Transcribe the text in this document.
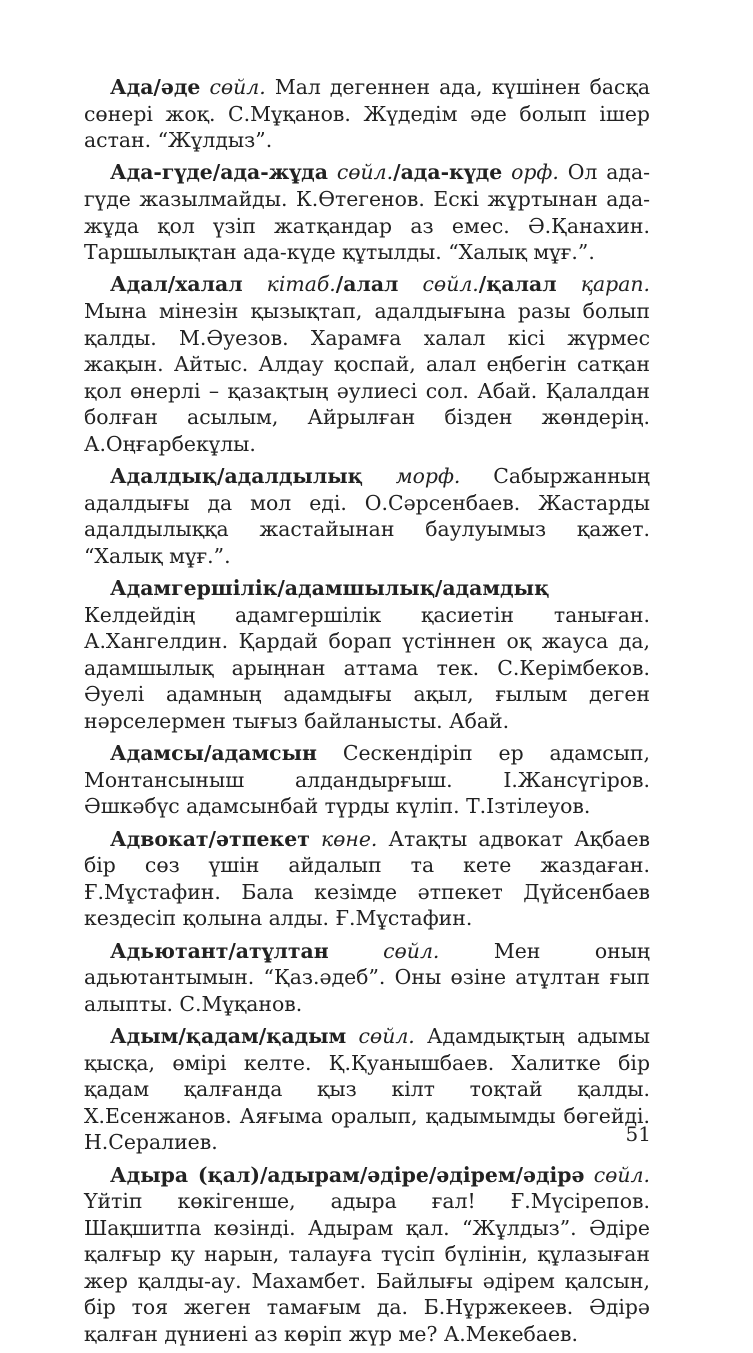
Ада/әде сөйл. Мал дегеннен ада, күшінен басқа сөнері жоқ. С.Мұқанов. Жүдедім әде болып ішер астан. “Жұлдыз”.

Ада-гүде/ада-жұда сөйл./ада-күде орф. Ол ада-гүде жазылмайды. К.Өтегенов. Ескі жұртынан ада-жұда қол үзіп жатқандар аз емес. Ә.Қанахин. Таршылықтан ада-күде құтылды. “Халық мұғ.”.

Адал/халал кітаб./алал сөйл./қалал қарап. Мына мінезін қызықтап, адалдығына разы болып қалды. М.Әуезов. Харамға халал кісі жүрмес жақын. Айтыс. Алдау қоспай, алал еңбегін сатқан қол өнерлі – қазақтың әулиесі сол. Абай. Қалалдан болған асылым, Айрылған бізден жөндерің. А.Оңғарбекұлы.

Адалдық/адалдылық морф. Сабыржанның адалдығы да мол еді. О.Сәрсенбаев. Жастарды адалдылыққа жастайынан баулуымыз қажет. “Халық мұғ.”.

Адамгершілік/адамшылық/адамдық Келдейдің адамгершілік қасиетін таныған. А.Хангелдин. Қардай борап үстіннен оқ жауса да, адамшылық арыңнан аттама тек. С.Керімбеков. Әуелі адамның адамдығы ақыл, ғылым деген нәрселермен тығыз байланысты. Абай.

Адамсы/адамсын Сескендіріп ер адамсып, Монтансыныш алдандырғыш. І.Жансүгіров. Әшкәбүс адамсынбай түрды күліп. Т.Ізтілеуов.

Адвокат/әтпекет көне. Атақты адвокат Ақбаев бір сөз үшін айдалып та кете жаздаған. Ғ.Мұстафин. Бала кезімде әтпекет Дүйсенбаев кездесіп қолына алды. Ғ.Мұстафин.

Адьютант/атұлтан	сөйл. Мен оның адьютантымын. “Қаз.әдеб”. Оны өзіне атұлтан ғып алыпты. С.Мұқанов.

Адым/қадам/қадым сөйл. Адамдықтың адымы қысқа, өмірі келте. Қ.Қуанышбаев. Халитке бір қадам қалғанда қыз кілт тоқтай қалды. Х.Есенжанов. Аяғыма оралып, қадымымды бөгейді. Н.Сералиев.

Адыра (қал)/адырам/әдіре/әдірем/әдірә сөйл. Үйтіп көкігенше, адыра ғал! Ғ.Мүсірепов. Шақшитпа көзінді. Адырам қал. “Жұлдыз”. Әдіре қалғыр қу нарын, талауға түсіп бүлінін, құлазыған жер қалды-ау. Махамбет. Байлығы әдірем қалсын, бір тоя жеген тамағым да. Б.Нұржекеев. Әдірә қалған дүниені аз көріп жүр ме? А.Мекебаев.

51
